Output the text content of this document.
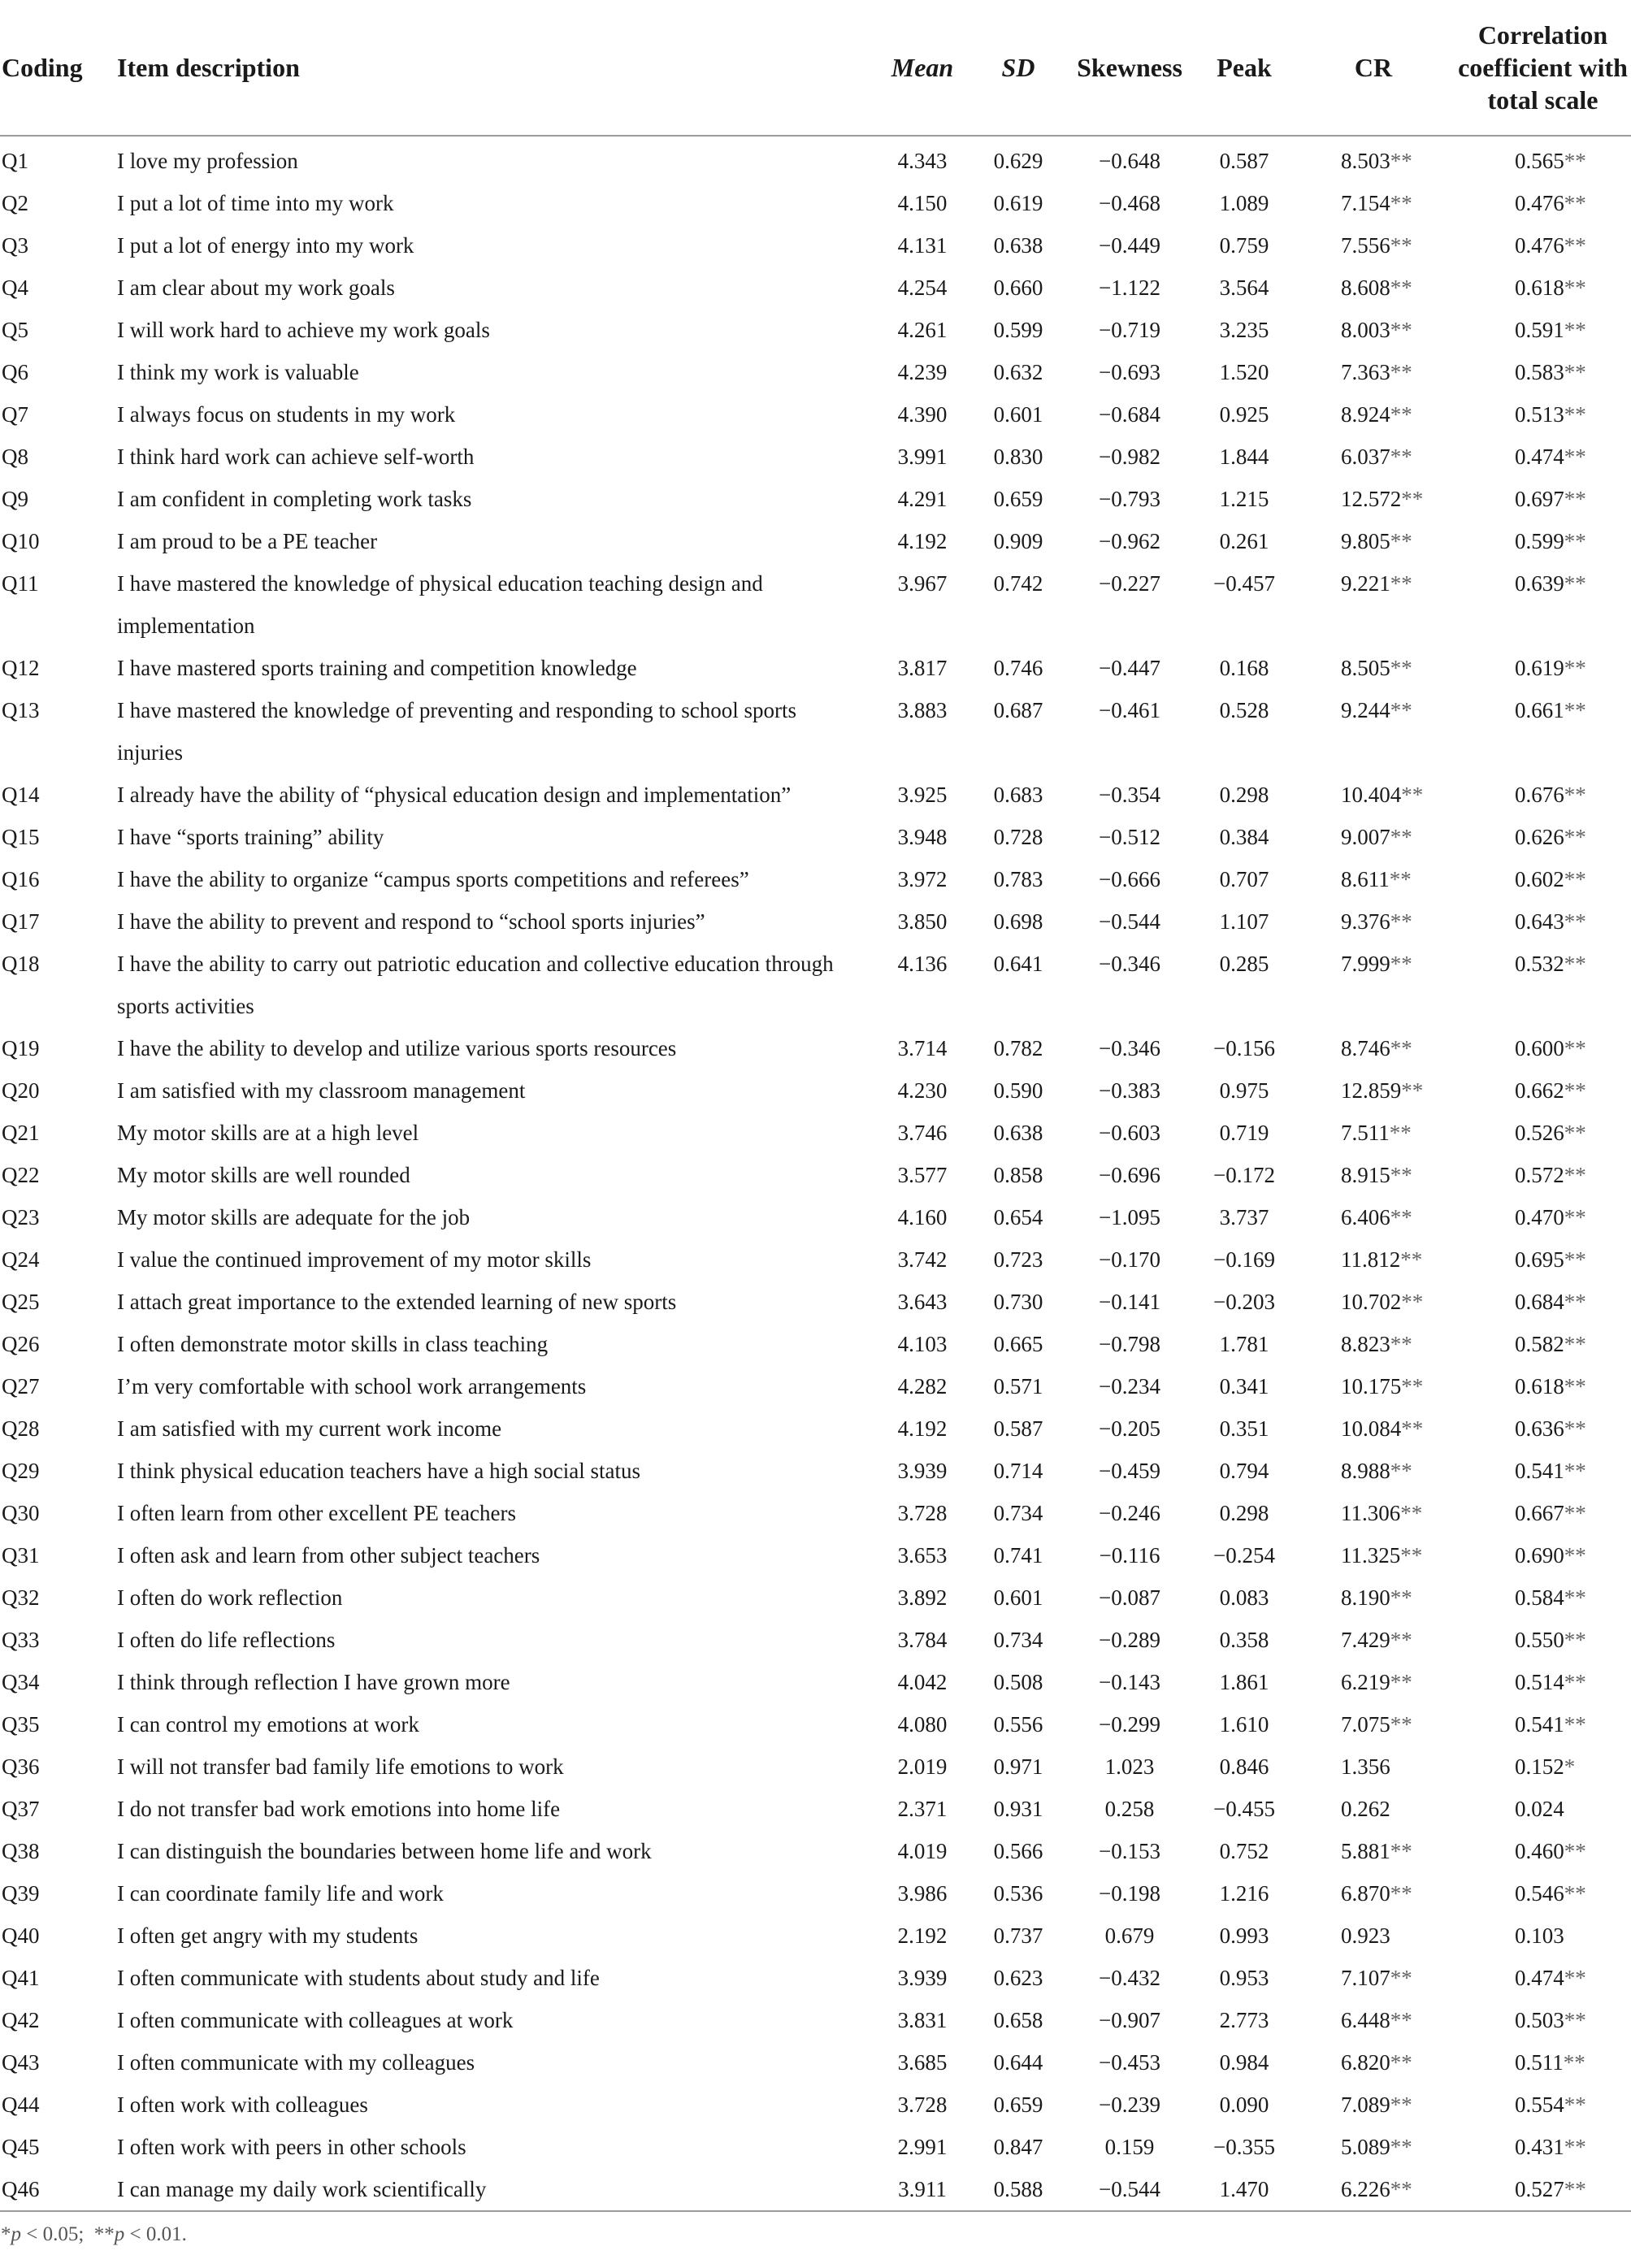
Coding	Item description	Mean	SD	Skewness	Peak	CR	Correlation
coefficient with
total scale

Q1	I love my profession	4.343	0.629	−0.648	0.587	8.503**	0.565**
Q2	I put a lot of time into my work	4.150	0.619	−0.468	1.089	7.154**	0.476**
Q3	I put a lot of energy into my work	4.131	0.638	−0.449	0.759	7.556**	0.476**
Q4	I am clear about my work goals	4.254	0.660	−1.122	3.564	8.608**	0.618**
Q5	I will work hard to achieve my work goals	4.261	0.599	−0.719	3.235	8.003**	0.591**
Q6	I think my work is valuable	4.239	0.632	−0.693	1.520	7.363**	0.583**
Q7	I always focus on students in my work	4.390	0.601	−0.684	0.925	8.924**	0.513**
Q8	I think hard work can achieve self-worth	3.991	0.830	−0.982	1.844	6.037**	0.474**
Q9	I am confident in completing work tasks	4.291	0.659	−0.793	1.215	12.572**	0.697**
Q10	I am proud to be a PE teacher	4.192	0.909	−0.962	0.261	9.805**	0.599**
Q11	I have mastered the knowledge of physical education teaching design and implementation	3.967	0.742	−0.227	−0.457	9.221**	0.639**
Q12	I have mastered sports training and competition knowledge	3.817	0.746	−0.447	0.168	8.505**	0.619**
Q13	I have mastered the knowledge of preventing and responding to school sports injuries	3.883	0.687	−0.461	0.528	9.244**	0.661**
Q14	I already have the ability of “physical education design and implementation”	3.925	0.683	−0.354	0.298	10.404**	0.676**
Q15	I have “sports training” ability	3.948	0.728	−0.512	0.384	9.007**	0.626**
Q16	I have the ability to organize “campus sports competitions and referees”	3.972	0.783	−0.666	0.707	8.611**	0.602**
Q17	I have the ability to prevent and respond to “school sports injuries”	3.850	0.698	−0.544	1.107	9.376**	0.643**
Q18	I have the ability to carry out patriotic education and collective education through sports activities	4.136	0.641	−0.346	0.285	7.999**	0.532**
Q19	I have the ability to develop and utilize various sports resources	3.714	0.782	−0.346	−0.156	8.746**	0.600**
Q20	I am satisfied with my classroom management	4.230	0.590	−0.383	0.975	12.859**	0.662**
Q21	My motor skills are at a high level	3.746	0.638	−0.603	0.719	7.511**	0.526**
Q22	My motor skills are well rounded	3.577	0.858	−0.696	−0.172	8.915**	0.572**
Q23	My motor skills are adequate for the job	4.160	0.654	−1.095	3.737	6.406**	0.470**
Q24	I value the continued improvement of my motor skills	3.742	0.723	−0.170	−0.169	11.812**	0.695**
Q25	I attach great importance to the extended learning of new sports	3.643	0.730	−0.141	−0.203	10.702**	0.684**
Q26	I often demonstrate motor skills in class teaching	4.103	0.665	−0.798	1.781	8.823**	0.582**
Q27	I’m very comfortable with school work arrangements	4.282	0.571	−0.234	0.341	10.175**	0.618**
Q28	I am satisfied with my current work income	4.192	0.587	−0.205	0.351	10.084**	0.636**
Q29	I think physical education teachers have a high social status	3.939	0.714	−0.459	0.794	8.988**	0.541**
Q30	I often learn from other excellent PE teachers	3.728	0.734	−0.246	0.298	11.306**	0.667**
Q31	I often ask and learn from other subject teachers	3.653	0.741	−0.116	−0.254	11.325**	0.690**
Q32	I often do work reflection	3.892	0.601	−0.087	0.083	8.190**	0.584**
Q33	I often do life reflections	3.784	0.734	−0.289	0.358	7.429**	0.550**
Q34	I think through reflection I have grown more	4.042	0.508	−0.143	1.861	6.219**	0.514**
Q35	I can control my emotions at work	4.080	0.556	−0.299	1.610	7.075**	0.541**
Q36	I will not transfer bad family life emotions to work	2.019	0.971	1.023	0.846	1.356	0.152*
Q37	I do not transfer bad work emotions into home life	2.371	0.931	0.258	−0.455	0.262	0.024
Q38	I can distinguish the boundaries between home life and work	4.019	0.566	−0.153	0.752	5.881**	0.460**
Q39	I can coordinate family life and work	3.986	0.536	−0.198	1.216	6.870**	0.546**
Q40	I often get angry with my students	2.192	0.737	0.679	0.993	0.923	0.103
Q41	I often communicate with students about study and life	3.939	0.623	−0.432	0.953	7.107**	0.474**
Q42	I often communicate with colleagues at work	3.831	0.658	−0.907	2.773	6.448**	0.503**
Q43	I often communicate with my colleagues	3.685	0.644	−0.453	0.984	6.820**	0.511**
Q44	I often work with colleagues	3.728	0.659	−0.239	0.090	7.089**	0.554**
Q45	I often work with peers in other schools	2.991	0.847	0.159	−0.355	5.089**	0.431**
Q46	I can manage my daily work scientifically	3.911	0.588	−0.544	1.470	6.226**	0.527**
*p < 0.05;  **p < 0.01.							
